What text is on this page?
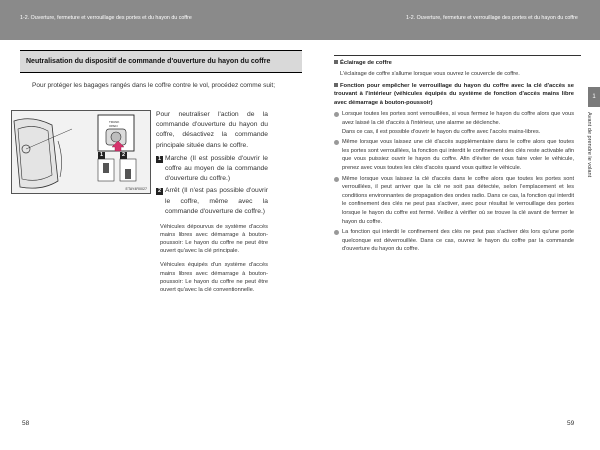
1-2. Ouverture, fermeture et verrouillage des portes et du hayon du coffre	1-2. Ouverture, fermeture et verrouillage des portes et du hayon du coffre
Neutralisation du dispositif de commande d'ouverture du hayon du coffre
Pour protéger les bagages rangés dans le coffre contre le vol, procédez comme suit;
TRUNK
OPEN
1	2
ETAY4R0027
Pour neutraliser l'action de la commande d'ouverture du hayon du coffre, désactivez la commande principale située dans le coffre.
1 Marche (Il est possible d'ouvrir le coffre au moyen de la commande d'ouverture du coffre.)
2 Arrêt (Il n'est pas possible d'ouvrir le coffre, même avec la commande d'ouverture de coffre.)
Véhicules dépourvus de système d'accès mains libres avec démarrage à bouton-poussoir: Le hayon du coffre ne peut être ouvert qu'avec la clé principale.
Véhicules équipés d'un système d'accès mains libres avec démarrage à bouton-poussoir: Le hayon du coffre ne peut être ouvert qu'avec la clé conventionnelle.
58
Éclairage de coffre
L'éclairage de coffre s'allume lorsque vous ouvrez le couvercle de coffre.
Fonction pour empêcher le verrouillage du hayon du coffre avec la clé d'accès se trouvant à l'intérieur (véhicules équipés du système de fonction d'accès mains libre avec démarrage à bouton-poussoir)
Lorsque toutes les portes sont verrouillées, si vous fermez le hayon du coffre alors que vous avez laissé la clé d'accès à l'intérieur, une alarme se déclenche.
Dans ce cas, il est possible d'ouvrir le hayon du coffre avec l'accès mains-libres.
Même lorsque vous laissez une clé d'accès supplémentaire dans le coffre alors que toutes les portes sont verrouillées, la fonction qui interdit le confinement des clés reste activable afin que vous puissiez ouvrir le hayon du coffre. Afin d'éviter de vous faire voler le véhicule, prenez avec vous toutes les clés d'accès quand vous quittez le véhicule.
Même lorsque vous laissez la clé d'accès dans le coffre alors que toutes les portes sont verrouillées, il peut arriver que la clé ne soit pas détectée, selon l'emplacement et les conditions environnantes de propagation des ondes radio. Dans ce cas, la fonction qui interdit le confinement des clés ne peut pas s'activer, avec pour résultat le verrouillage des portes lorsque le hayon du coffre est fermé. Veillez à vérifier où se trouve la clé avant de fermer le hayon du coffre.
La fonction qui interdit le confinement des clés ne peut pas s'activer dès lors qu'une porte quelconque est déverrouillée. Dans ce cas, ouvrez le hayon du coffre par la commande d'ouverture du hayon du coffre.
1
Avant de prendre le volant
59
